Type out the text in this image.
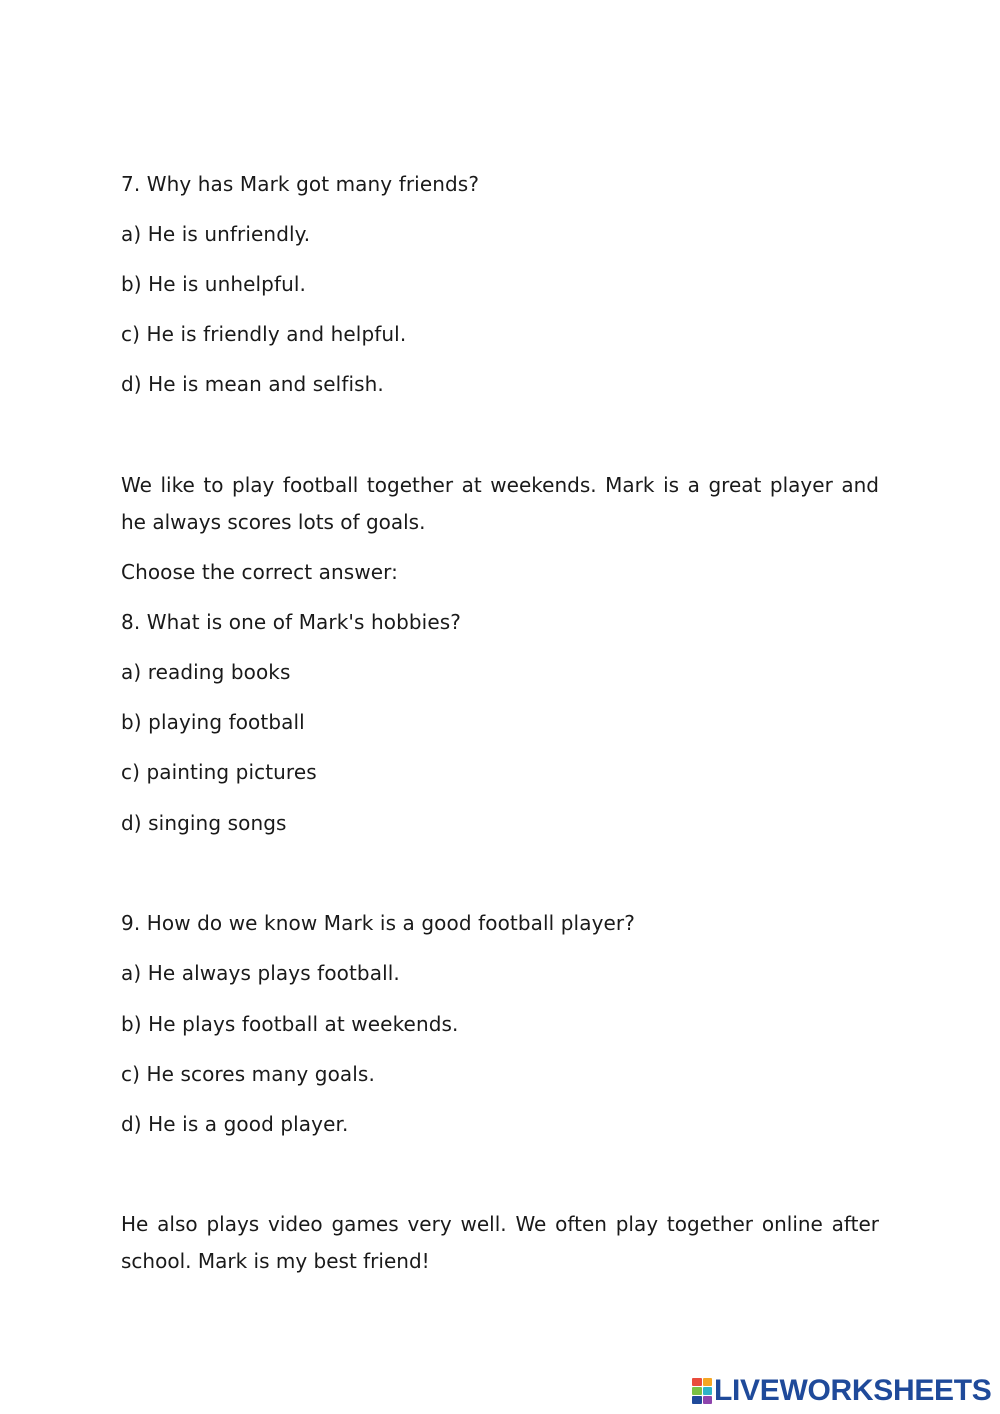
7. Why has Mark got many friends?
a) He is unfriendly.
b) He is unhelpful.
c) He is friendly and helpful.
d) He is mean and selfish.
We like to play football together at weekends. Mark is a great player and he always scores lots of goals.
Choose the correct answer:
8. What is one of Mark's hobbies?
a) reading books
b) playing football
c) painting pictures
d) singing songs
9. How do we know Mark is a good football player?
a) He always plays football.
b) He plays football at weekends.
c) He scores many goals.
d) He is a good player.
He also plays video games very well. We often play together online after school. Mark is my best friend!
LIVEWORKSHEETS
